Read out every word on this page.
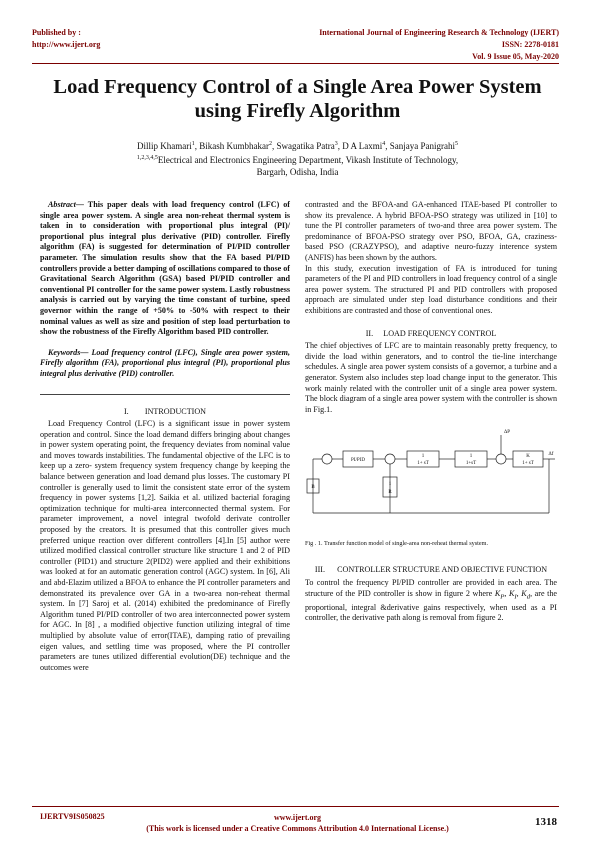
Published by :
http://www.ijert.org
International Journal of Engineering Research & Technology (IJERT)
ISSN: 2278-0181
Vol. 9 Issue 05, May-2020
Load Frequency Control of a Single Area Power System using Firefly Algorithm
Dillip Khamari$^1$, Bikash Kumbhakar$^2$, Swagatika Patra$^3$, D A Laxmi$^4$, Sanjaya Panigrahi$^5$
$^{1,2,3,4,5}$Electrical and Electronics Engineering Department, Vikash Institute of Technology,
Bargarh, Odisha, India

Abstract— This paper deals with load frequency control (LFC) of single area power system. A single area non-reheat thermal system is taken in to consideration with proportional plus integral (PI)/ proportional plus integral plus derivative (PID) controller. Firefly algorithm (FA) is suggested for determination of PI/PID controller parameter. The simulation results show that the FA based PI/PID controllers provide a better damping of oscillations compared to those of Gravitational Search Algorithm (GSA) based PI/PID controller and conventional PI controller for the same power system. Lastly robustness analysis is carried out by varying the time constant of turbine, speed governor within the range of +50% to -50% with respect to their nominal values as well as size and position of step load perturbation to show the robustness of the Firefly Algorithm based PID controller.

Keywords— Load frequency control (LFC), Single area power system, Firefly algorithm (FA), proportional plus integral (PI), proportional plus integral plus derivative (PID) controller.

I.        INTRODUCTION

Load Frequency Control (LFC) is a significant issue in power system operation and control. Since the load demand differs bringing about changes in power system operating point, the frequency deviates from nominal value and moves towards instabilities. The fundamental objective of the LFC is to keep up a zero- system frequency system frequency change by keeping the balance between generation and load demand plus losses. The customary PI controller is generally used to limit the consistent state error of the system frequency in power systems [1,2]. Saikia et al. utilized bacterial foraging optimization technique for multi-area interconnected thermal system. For parameter improvement, a novel integral twofold derivate controller proposed by the creators. It is presumed that this controller gives much preferred unique reaction over different controllers [4].In [5] author were utilized modified classical controller structure like structure 1 and 2 of PID controller (PID1) and structure 2(PID2) were applied and their exhibitions was looked at for an automatic generation control (AGC) system. In [6], Ali and abd-Elazim utilized a BFOA to enhance the PI controller parameters and demonstrated its prevalence over GA in a two-area non-reheat thermal system. In [7] Saroj et al. (2014) exhibited the predominance of Firefly Algorithm tuned PI/PID controller of two area interconnected power system for AGC. In [8] , a modified objective function utilizing integral of time multiplied by absolute value of error(ITAE), damping ratio of prevailing eigen values, and settling time was proposed, where the PI controller parameters are tunes utilized differential evolution(DE) technique and the outcomes were

contrasted and the BFOA-and GA-enhanced ITAE-based PI controller to show its prevalence. A hybrid BFOA-PSO strategy was utilized in [10] to tune the PI controller parameters of two-and three area power system. The predominance of BFOA-PSO strategy over PSO, BFOA, GA, craziness-based PSO (CRAZYPSO), and adaptive neuro-fuzzy interence system (ANFIS) has been shown by the authors.

In this study, execution investigation of FA is introduced for tuning parameters of the PI and PID controllers in load frequency control of a single area power system. The structured PI and PID controllers with proposed approach are simulated under step load disturbance conditions and their exhibitions are contrasted and those of conventional ones.

II.     LOAD FREQUENCY CONTROL

The chief objectives of LFC are to maintain reasonably pretty frequency, to divide the load within generators, and to control the tie-line interchange schedules. A single area power system consists of a governor, a turbine and a generator. System also includes step load change input to the generator. This work mainly related with the controller unit of a single area power system. The block diagram of a single area power system with the controller is shown in Fig.1.

PI/PID
1
1+ sT
1
1+sT
K
1+ sT
1
R
B
ΔP
Δf
Fig . 1. Transfer function model of single-area non-reheat thermal system.
III.      CONTROLLER STRUCTURE AND OBJECTIVE FUNCTION

To control the frequency PI/PID controller are provided in each area. The structure of the PID controller is show in figure 2 where $K_P$, $K_I$, $K_d$, are the proportional, integral &derivative gains respectively, when used as a PI controller, the derivative path along is removal from figure 2.

IJERTV9IS050825	www.ijert.org
(This work is licensed under a Creative Commons Attribution 4.0 International License.)
1318
